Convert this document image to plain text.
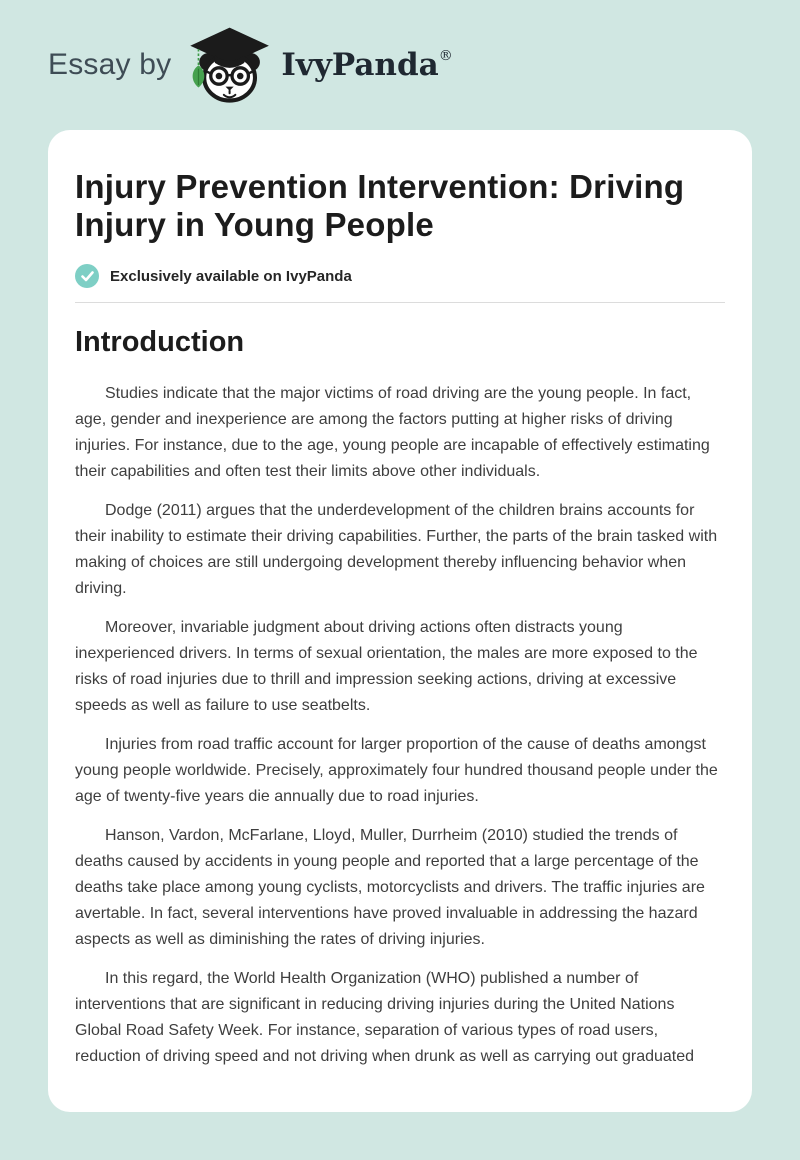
Essay by	IvyPanda®
Injury Prevention Intervention: Driving Injury in Young People
Exclusively available on IvyPanda
Introduction

Studies indicate that the major victims of road driving are the young people. In fact, age, gender and inexperience are among the factors putting at higher risks of driving injuries. For instance, due to the age, young people are incapable of effectively estimating their capabilities and often test their limits above other individuals.

Dodge (2011) argues that the underdevelopment of the children brains accounts for their inability to estimate their driving capabilities. Further, the parts of the brain tasked with making of choices are still undergoing development thereby influencing behavior when driving.

Moreover, invariable judgment about driving actions often distracts young inexperienced drivers. In terms of sexual orientation, the males are more exposed to the risks of road injuries due to thrill and impression seeking actions, driving at excessive speeds as well as failure to use seatbelts.

Injuries from road traffic account for larger proportion of the cause of deaths amongst young people worldwide. Precisely, approximately four hundred thousand people under the age of twenty-five years die annually due to road injuries.

Hanson, Vardon, McFarlane, Lloyd, Muller, Durrheim (2010) studied the trends of deaths caused by accidents in young people and reported that a large percentage of the deaths take place among young cyclists, motorcyclists and drivers. The traffic injuries are avertable. In fact, several interventions have proved invaluable in addressing the hazard aspects as well as diminishing the rates of driving injuries.

In this regard, the World Health Organization (WHO) published a number of interventions that are significant in reducing driving injuries during the United Nations Global Road Safety Week. For instance, separation of various types of road users, reduction of driving speed and not driving when drunk as well as carrying out graduated
